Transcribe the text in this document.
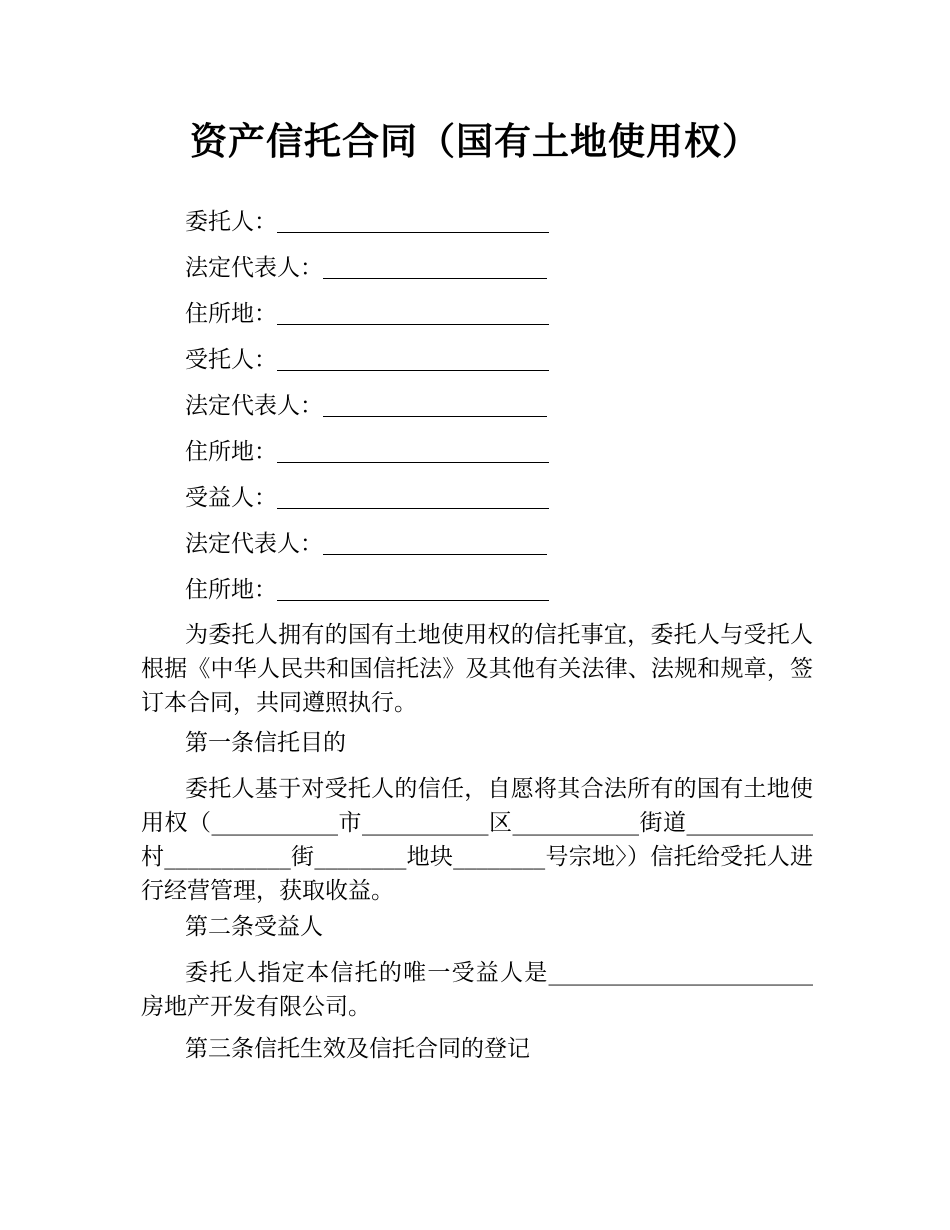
资产信托合同（国有土地使用权）
委托人：
法定代表人：
住所地：
受托人：
法定代表人：
住所地：
受益人：
法定代表人：
住所地：

为委托人拥有的国有土地使用权的信托事宜，委托人与受托人根据《中华人民共和国信托法》及其他有关法律、法规和规章，签订本合同，共同遵照执行。

第一条信托目的

委托人基于对受托人的信任，自愿将其合法所有的国有土地使用权（___________市___________区___________街道___________村___________街________地块________号宗地〉）信托给受托人进行经营管理，获取收益。

第二条受益人

委托人指定本信托的唯一受益人是_______________________房地产开发有限公司。

第三条信托生效及信托合同的登记
